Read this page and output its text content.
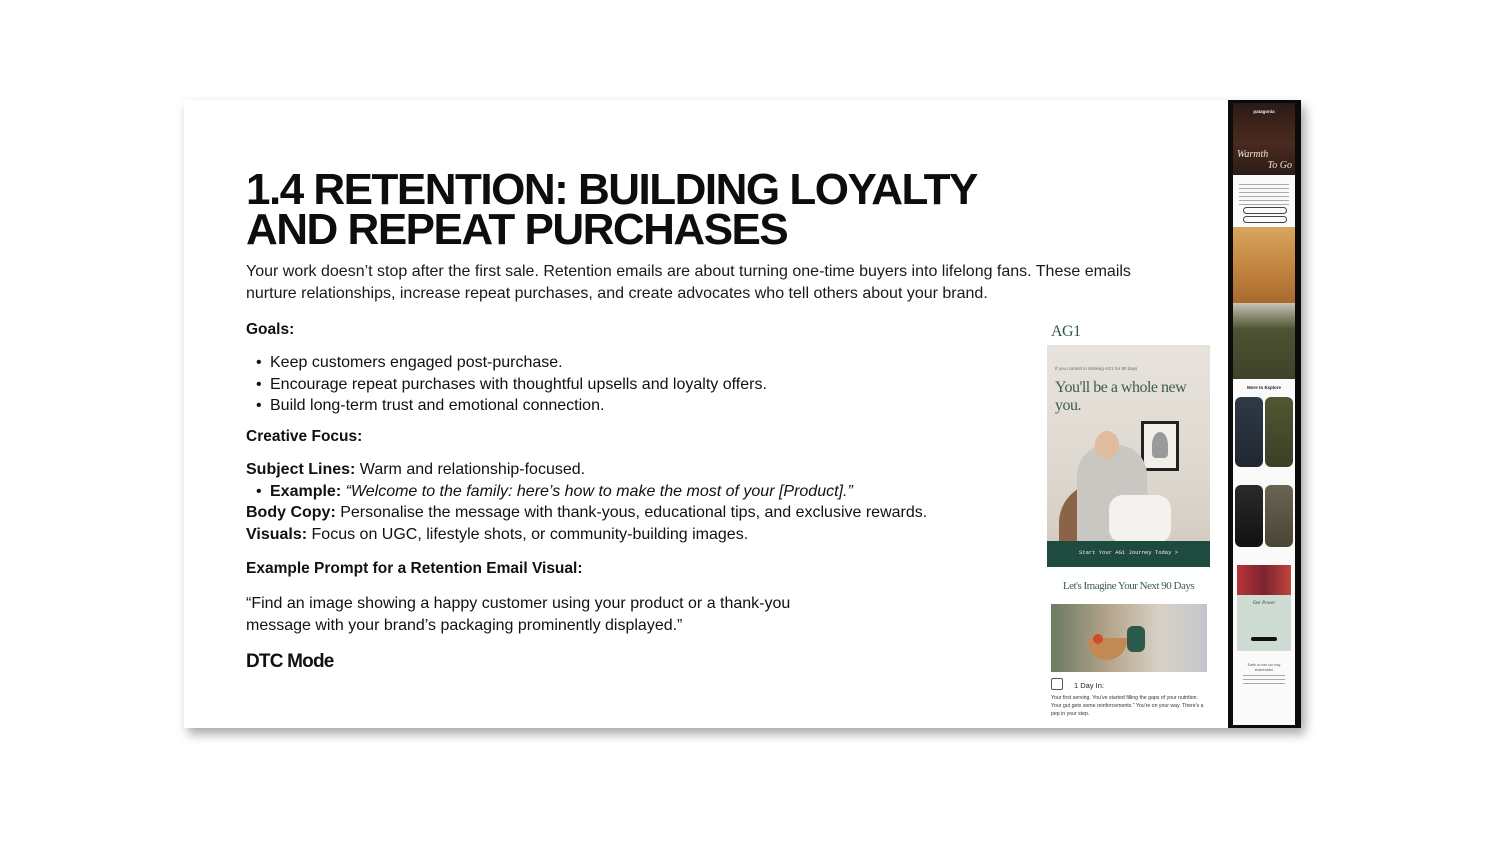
1.4 RETENTION: BUILDING LOYALTY
AND REPEAT PURCHASES

Your work doesn’t stop after the first sale. Retention emails are about turning one-time buyers into lifelong fans. These emails nurture relationships, increase repeat purchases, and create advocates who tell others about your brand.

Goals:

• Keep customers engaged post-purchase.
• Encourage repeat purchases with thoughtful upsells and loyalty offers.
• Build long-term trust and emotional connection.

Creative Focus:

Subject Lines: Warm and relationship-focused.

• Example: “Welcome to the family: here’s how to make the most of your [Product].”

Body Copy: Personalise the message with thank-yous, educational tips, and exclusive rewards.

Visuals: Focus on UGC, lifestyle shots, or community-building images.

Example Prompt for a Retention Email Visual:

“Find an image showing a happy customer using your product or a thank-you message with your brand’s packaging prominently displayed.”

DTC Mode

AG1
If you commit to drinking AG1 for 90 days
You'll be a whole new you.
Start Your AG1 Journey Today >
Let's Imagine Your Next 90 Days
1 Day In:
Your first serving. You've started filling the gaps of your nutrition. Your gut gets some reinforcements." You're on your way. There's a pep in your step.
patagonia
Warmth
To Go
More to Explore
Our Power
Earth is now our only shareholder
